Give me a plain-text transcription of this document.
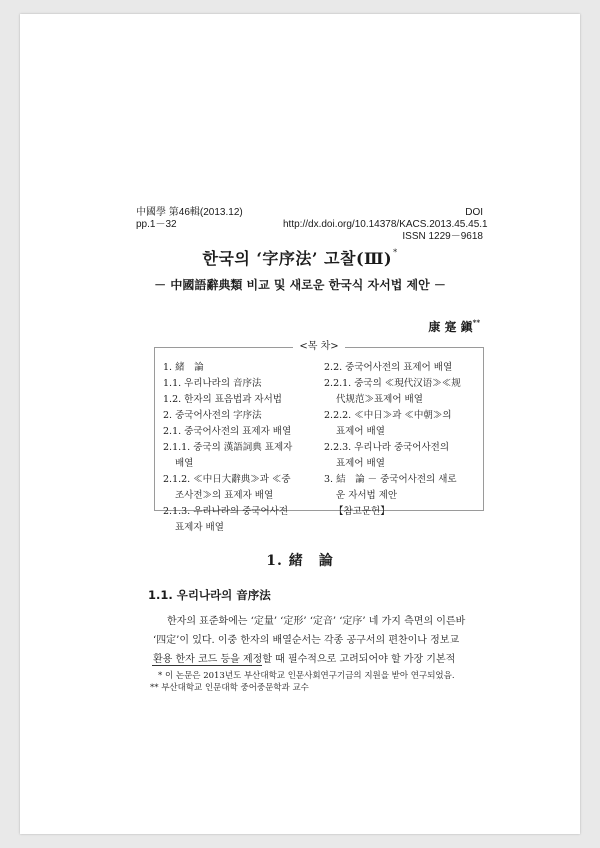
中國學 第46輯(2013.12)
pp.1－32
DOI http://dx.doi.org/10.14378/KACS.2013.45.45.1
ISSN 1229－9618
한국의 ‘字序法’ 고찰(Ⅲ)*
－ 中國語辭典類 비교 및 새로운 한국식 자서법 제안 －
康 寔 鎭**
<목 차>
1. 緒　論
1.1. 우리나라의 音序法
1.2. 한자의 표음법과 자서법
2. 중국어사전의 字序法
2.1. 중국어사전의 표제자 배열
2.1.1. 중국의 漢語詞典 표제자
배열
2.1.2. ≪中日大辭典≫과 ≪중
조사전≫의 표제자 배열
2.1.3. 우리나라의 중국어사전
표제자 배열
2.2. 중국어사전의 표제어 배열
2.2.1. 중국의 ≪現代汉语≫≪规
代规范≫표제어 배열
2.2.2. ≪中日≫과 ≪中朝≫의
표제어 배열
2.2.3. 우리나라 중국어사전의
표제어 배열
3. 結　論 － 중국어사전의 새로
운 자서법 제안
【참고문헌】
1. 緒　論
1.1. 우리나라의 音序法

한자의 표준화에는 ‘定量’ ‘定形’ ‘定音’ ‘定序’ 네 가지 측면의 이른바

‘四定’이 있다. 이중 한자의 배열순서는 각종 공구서의 편찬이나 정보교

환용 한자 코드 등을 제정할 때 필수적으로 고려되어야 할 가장 기본적

* 이 논문은 2013년도 부산대학교 인문사회연구기금의 지원을 받아 연구되었음.
** 부산대학교 인문대학 중어중문학과 교수
